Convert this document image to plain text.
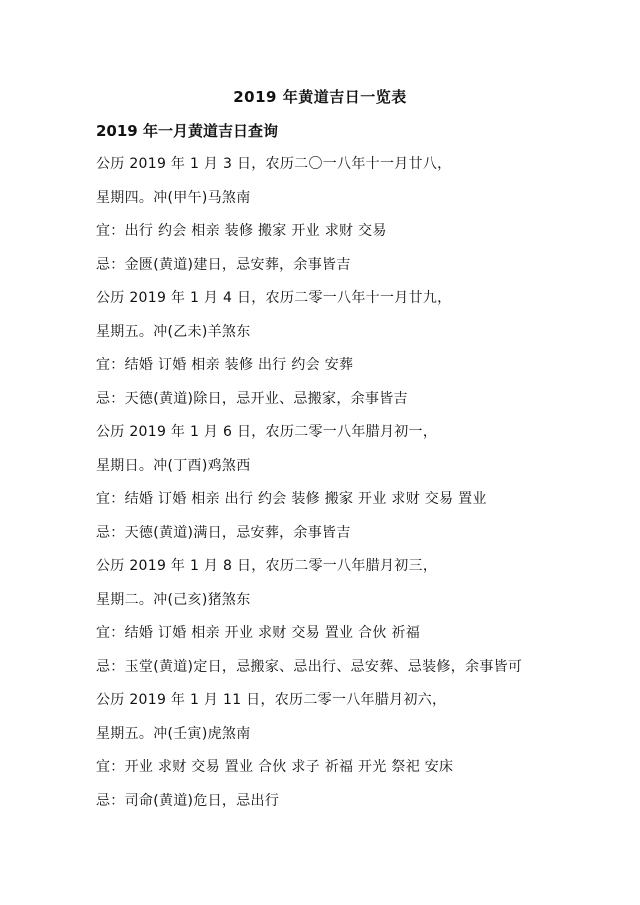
2019 年黄道吉日一览表
2019 年一月黄道吉日查询
公历 2019 年 1 月 3 日，农历二〇一八年十一月廿八，
星期四。冲(甲午)马煞南
宜：出行 约会 相亲 装修 搬家 开业 求财 交易
忌：金匮(黄道)建日，忌安葬，余事皆吉
公历 2019 年 1 月 4 日，农历二零一八年十一月廿九，
星期五。冲(乙未)羊煞东
宜：结婚 订婚 相亲 装修 出行 约会 安葬
忌：天德(黄道)除日，忌开业、忌搬家，余事皆吉
公历 2019 年 1 月 6 日，农历二零一八年腊月初一，
星期日。冲(丁酉)鸡煞西
宜：结婚 订婚 相亲 出行 约会 装修 搬家 开业 求财 交易 置业
忌：天德(黄道)满日，忌安葬，余事皆吉
公历 2019 年 1 月 8 日，农历二零一八年腊月初三，
星期二。冲(己亥)猪煞东
宜：结婚 订婚 相亲 开业 求财 交易 置业 合伙 祈福
忌：玉堂(黄道)定日，忌搬家、忌出行、忌安葬、忌装修，余事皆可
公历 2019 年 1 月 11 日，农历二零一八年腊月初六，
星期五。冲(壬寅)虎煞南
宜：开业 求财 交易 置业 合伙 求子 祈福 开光 祭祀 安床
忌：司命(黄道)危日，忌出行
